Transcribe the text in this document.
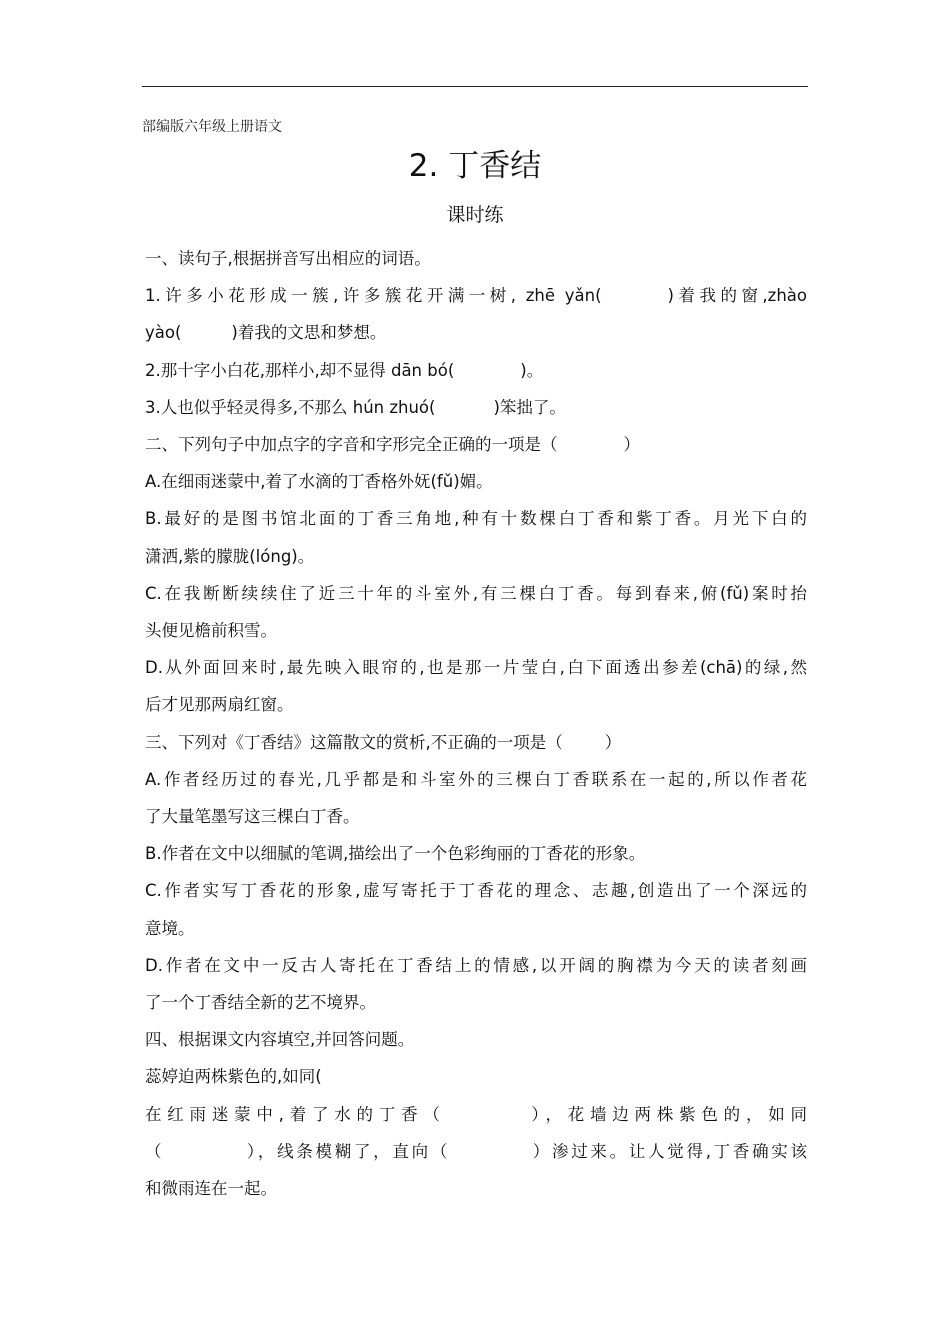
部编版六年级上册语文
2. 丁香结
课时练

一、读句子,根据拼音写出相应的词语。

1.许多小花形成一簇,许多簇花开满一树, zhē yǎn(	)着我的窗,zhào

yào(	)着我的文思和梦想。

2.那十字小白花,那样小,却不显得 dān bó(	)。

3.人也似乎轻灵得多,不那么 hún zhuó(	)笨拙了。

二、下列句子中加点字的字音和字形完全正确的一项是（	）

A.在细雨迷蒙中,着了水滴的丁香格外妩(fǔ)媚。

B.最好的是图书馆北面的丁香三角地,种有十数棵白丁香和紫丁香。月光下白的

潇洒,紫的朦胧(lóng)。

C.在我断断续续住了近三十年的斗室外,有三棵白丁香。每到春来,俯(fǔ)案时抬

头便见檐前积雪。

D.从外面回来时,最先映入眼帘的,也是那一片莹白,白下面透出参差(chā)的绿,然

后才见那两扇红窗。

三、下列对《丁香结》这篇散文的赏析,不正确的一项是（	）

A.作者经历过的春光,几乎都是和斗室外的三棵白丁香联系在一起的,所以作者花

了大量笔墨写这三棵白丁香。

B.作者在文中以细腻的笔调,描绘出了一个色彩绚丽的丁香花的形象。

C.作者实写丁香花的形象,虚写寄托于丁香花的理念、志趣,创造出了一个深远的

意境。

D.作者在文中一反古人寄托在丁香结上的情感,以开阔的胸襟为今天的读者刻画

了一个丁香结全新的艺不境界。

四、根据课文内容填空,并回答问题。

蕊婷迫两株紫色的,如同(

在红雨迷蒙中,着了水的丁香（	），花墙边两株紫色的，如同

（	），线条模糊了，直向（	）渗过来。让人觉得,丁香确实该

和微雨连在一起。
